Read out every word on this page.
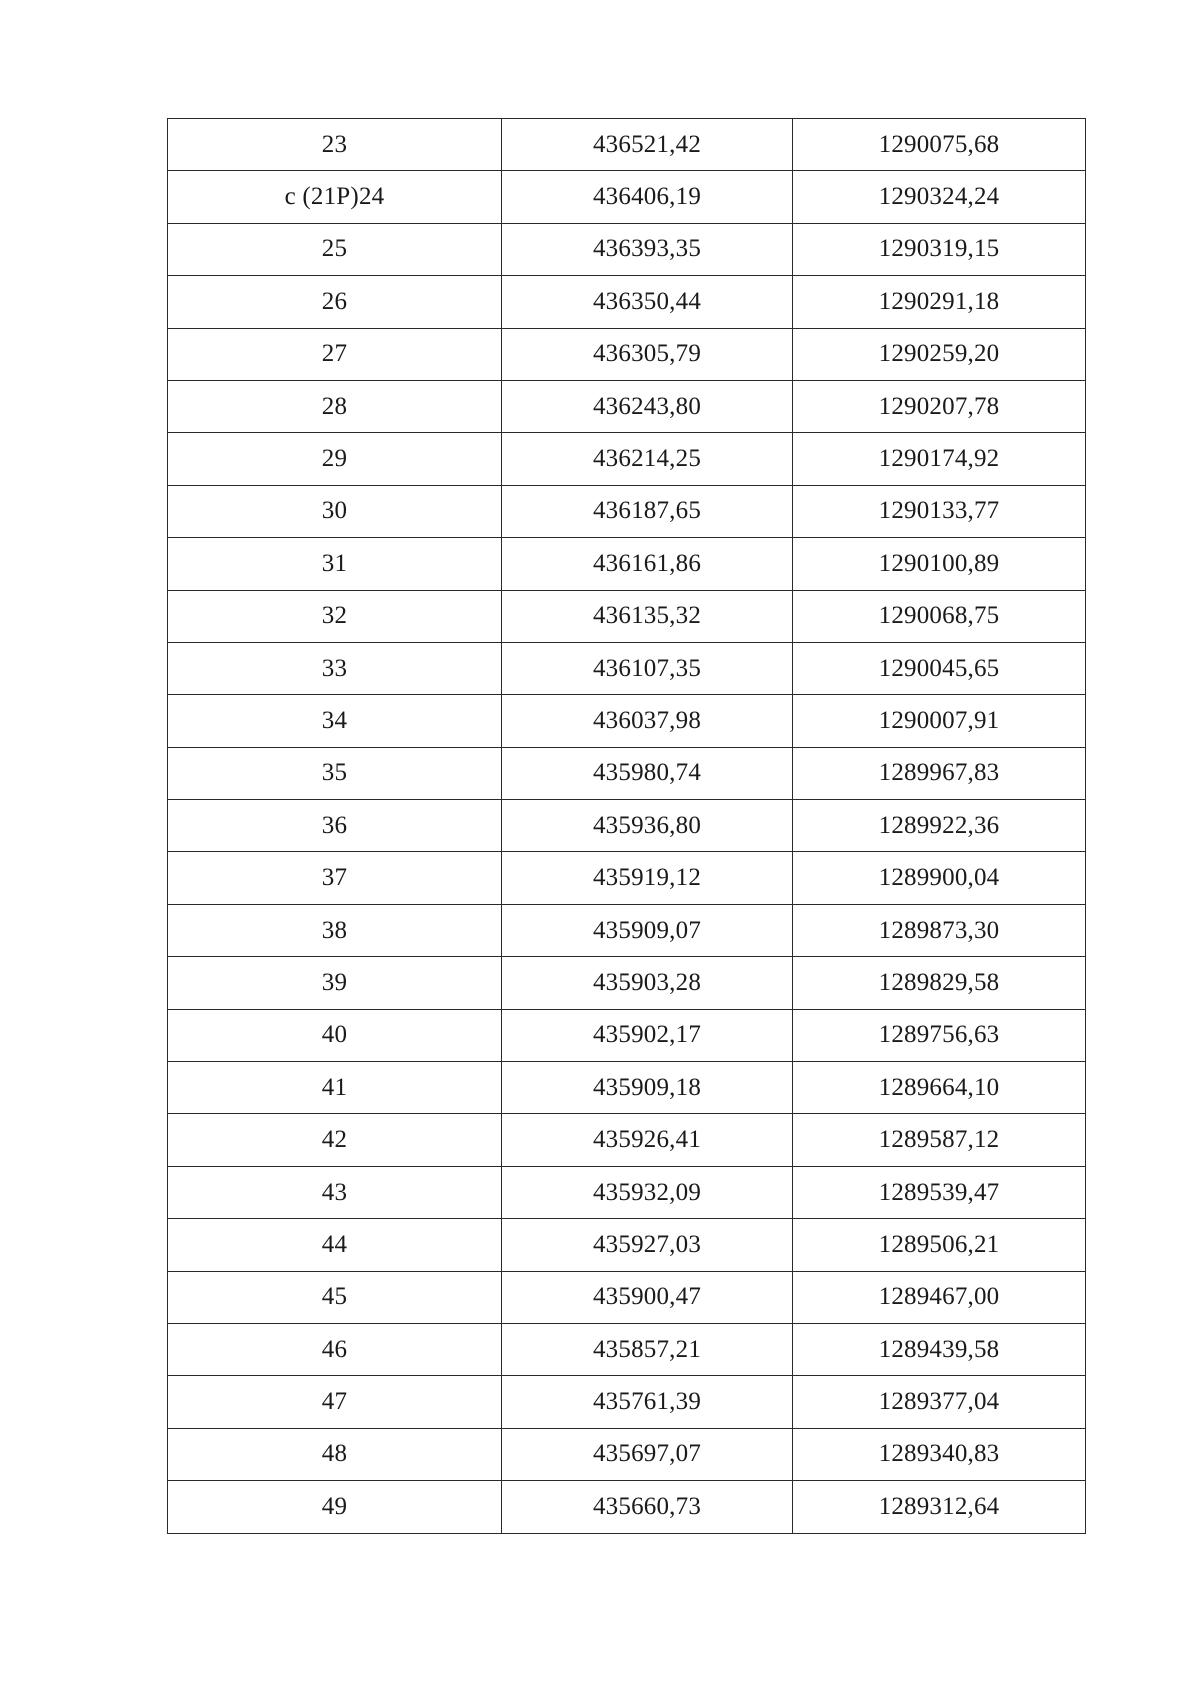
23	436521,42	1290075,68
с (21Р)24	436406,19	1290324,24
25	436393,35	1290319,15
26	436350,44	1290291,18
27	436305,79	1290259,20
28	436243,80	1290207,78
29	436214,25	1290174,92
30	436187,65	1290133,77
31	436161,86	1290100,89
32	436135,32	1290068,75
33	436107,35	1290045,65
34	436037,98	1290007,91
35	435980,74	1289967,83
36	435936,80	1289922,36
37	435919,12	1289900,04
38	435909,07	1289873,30
39	435903,28	1289829,58
40	435902,17	1289756,63
41	435909,18	1289664,10
42	435926,41	1289587,12
43	435932,09	1289539,47
44	435927,03	1289506,21
45	435900,47	1289467,00
46	435857,21	1289439,58
47	435761,39	1289377,04
48	435697,07	1289340,83
49	435660,73	1289312,64
